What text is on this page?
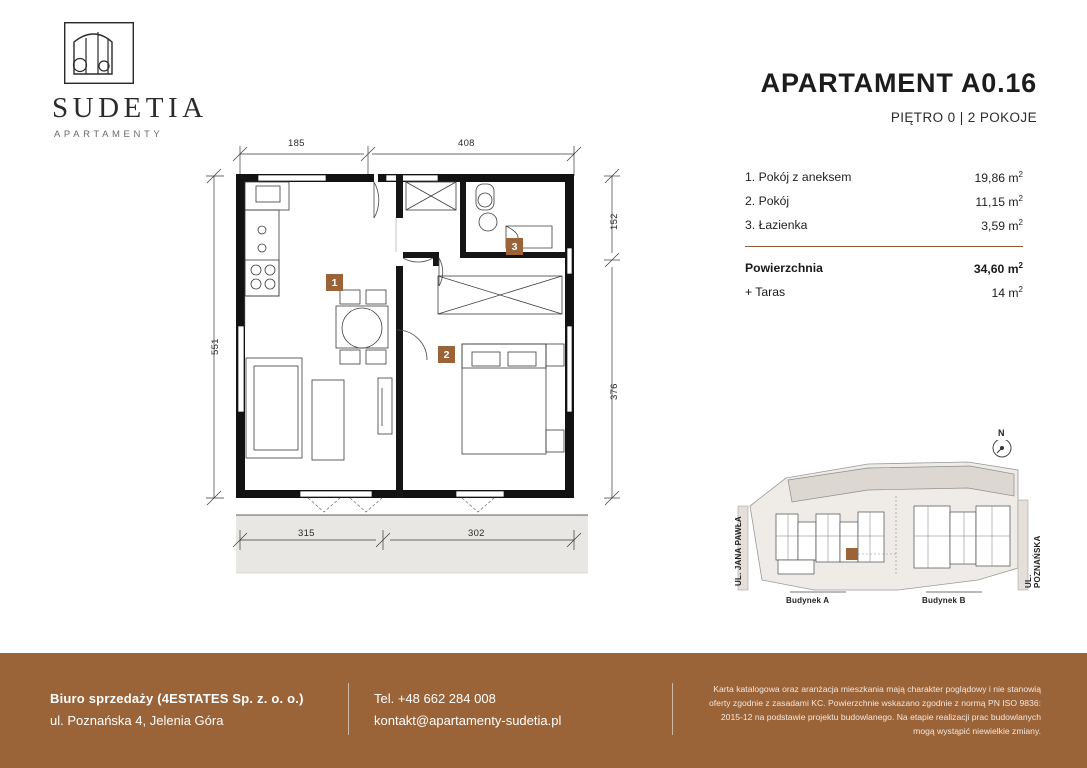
SUDETIA
APARTAMENTY
APARTAMENT A0.16
PIĘTRO 0 | 2 POKOJE
1. Pokój z aneksem	19,86 $m^2$
2. Pokój	11,15 $m^2$
3. Łazienka	3,59 $m^2$
Powierzchnia	34,60 $m^2$
+ Taras	14 $m^2$
185	408
551
152
376
315	302
1
2
3
N
UL. JANA PAWŁA	UL. POZNAŃSKA
Budynek A	Budynek B
Biuro sprzedaży (4ESTATES Sp. z. o. o.)
ul. Poznańska 4, Jelenia Góra
Tel. +48 662 284 008
kontakt@apartamenty-sudetia.pl
Karta katalogowa oraz aranżacja mieszkania mają charakter poglądowy i nie stanowią oferty zgodnie z zasadami KC. Powierzchnie wskazano zgodnie z normą PN ISO 9836: 2015-12 na podstawie projektu budowlanego. Na etapie realizacji prac budowlanych mogą wystąpić niewielkie zmiany.
